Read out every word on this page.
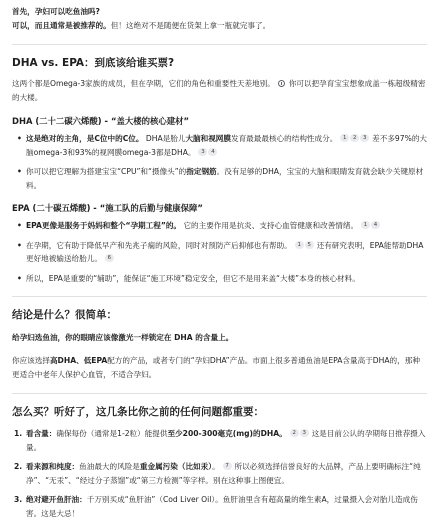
首先，孕妇可以吃鱼油吗?

可以，而且通常是被推荐的。但！这绝对不是随便在货架上拿一瓶就完事了。

DHA vs. EPA：到底该给谁买票?

这两个都是Omega-3家族的成员，但在孕期，它们的角色和重要性天差地别。 你可以把孕育宝宝想象成盖一栋超级精密的大楼。

DHA (二十二碳六烯酸) - “盖大楼的核心建材”
• 这是绝对的主角，是C位中的C位。 DHA是胎儿大脑和视网膜发育最最最核心的结构性成分。 1 2 3 差不多97%的大脑omega-3和93%的视网膜omega-3都是DHA。 3 4
• 你可以把它理解为搭建宝宝“CPU”和“摄像头”的指定钢筋。没有足够的DHA，宝宝的大脑和眼睛发育就会缺少关键原材料。
EPA (二十碳五烯酸) - “施工队的后勤与健康保障”
• EPA更像是服务于妈妈和整个“孕期工程”的。 它的主要作用是抗炎、支持心血管健康和改善情绪。 1 4
• 在孕期，它有助于降低早产和先兆子痫的风险，同时对预防产后抑郁也有帮助。 1 5 还有研究表明，EPA能帮助DHA更好地被输送给胎儿。 6
• 所以，EPA是重要的“辅助”，能保证“施工环境”稳定安全，但它不是用来盖“大楼”本身的核心材料。
结论是什么？很简单：

给孕妇选鱼油，你的眼睛应该像激光一样锁定在 DHA 的含量上。

你应该选择高DHA、低EPA配方的产品，或者专门的“孕妇DHA”产品。市面上很多普通鱼油是EPA含量高于DHA的，那种更适合中老年人保护心血管，不适合孕妇。

怎么买？听好了，这几条比你之前的任何问题都重要：
看含量：确保每份（通常是1-2粒）能提供至少200-300毫克(mg)的DHA。 2 3 这是目前公认的孕期每日推荐摄入量。
看来源和纯度：鱼油最大的风险是重金属污染（比如汞）。 7 所以必须选择信誉良好的大品牌，产品上要明确标注“纯净”、“无汞”、“经过分子蒸馏”或“第三方检测”等字样。别在这种事上图便宜。
绝对避开鱼肝油：千万别买成“鱼肝油”（Cod Liver Oil）。鱼肝油里含有超高量的维生素A，过量摄入会对胎儿造成伤害。这是大忌！
